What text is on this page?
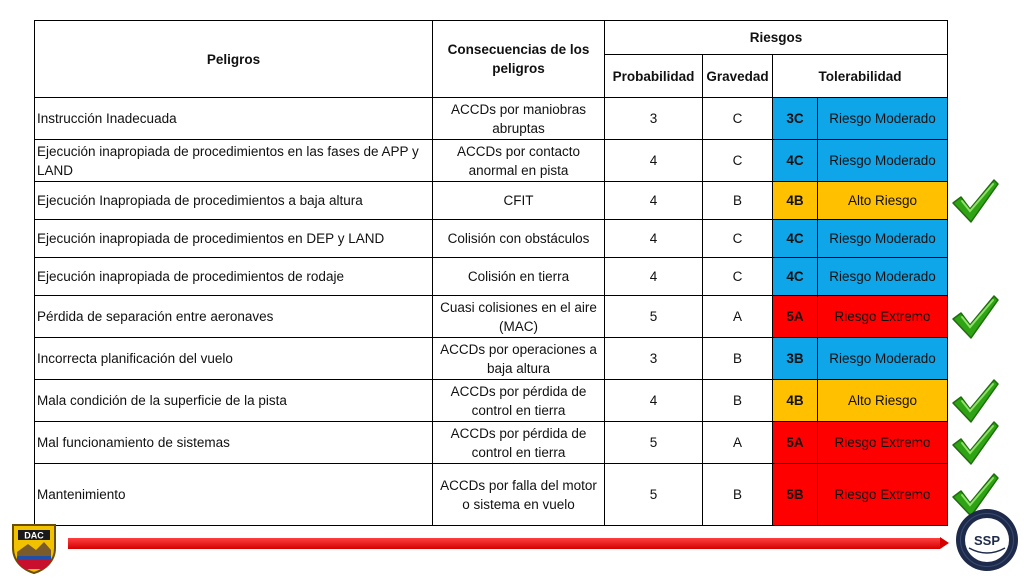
Peligros	Consecuencias de los peligros	Riesgos			
		Probabilidad	Gravedad	Tolerabilidad	
Instrucción Inadecuada	ACCDs por maniobras abruptas	3	C	3C	Riesgo Moderado
Ejecución inapropiada de procedimientos en las fases de APP y LAND	ACCDs por contacto anormal en pista	4	C	4C	Riesgo Moderado
Ejecución Inapropiada de procedimientos a baja altura	CFIT	4	B	4B	Alto Riesgo
Ejecución inapropiada de procedimientos en DEP y LAND	Colisión con obstáculos	4	C	4C	Riesgo Moderado
Ejecución inapropiada de procedimientos de rodaje	Colisión en tierra	4	C	4C	Riesgo Moderado
Pérdida de separación entre aeronaves	Cuasi colisiones en el aire (MAC)	5	A	5A	Riesgo Extremo
Incorrecta planificación del vuelo	ACCDs por operaciones a baja altura	3	B	3B	Riesgo Moderado
Mala condición de la superficie de la pista	ACCDs por pérdida de control en tierra	4	B	4B	Alto Riesgo
Mal funcionamiento de sistemas	ACCDs por pérdida de control en tierra	5	A	5A	Riesgo Extremo
Mantenimiento	ACCDs por falla del motor o sistema en vuelo	5	B	5B	Riesgo Extremo
DAC	SSP
